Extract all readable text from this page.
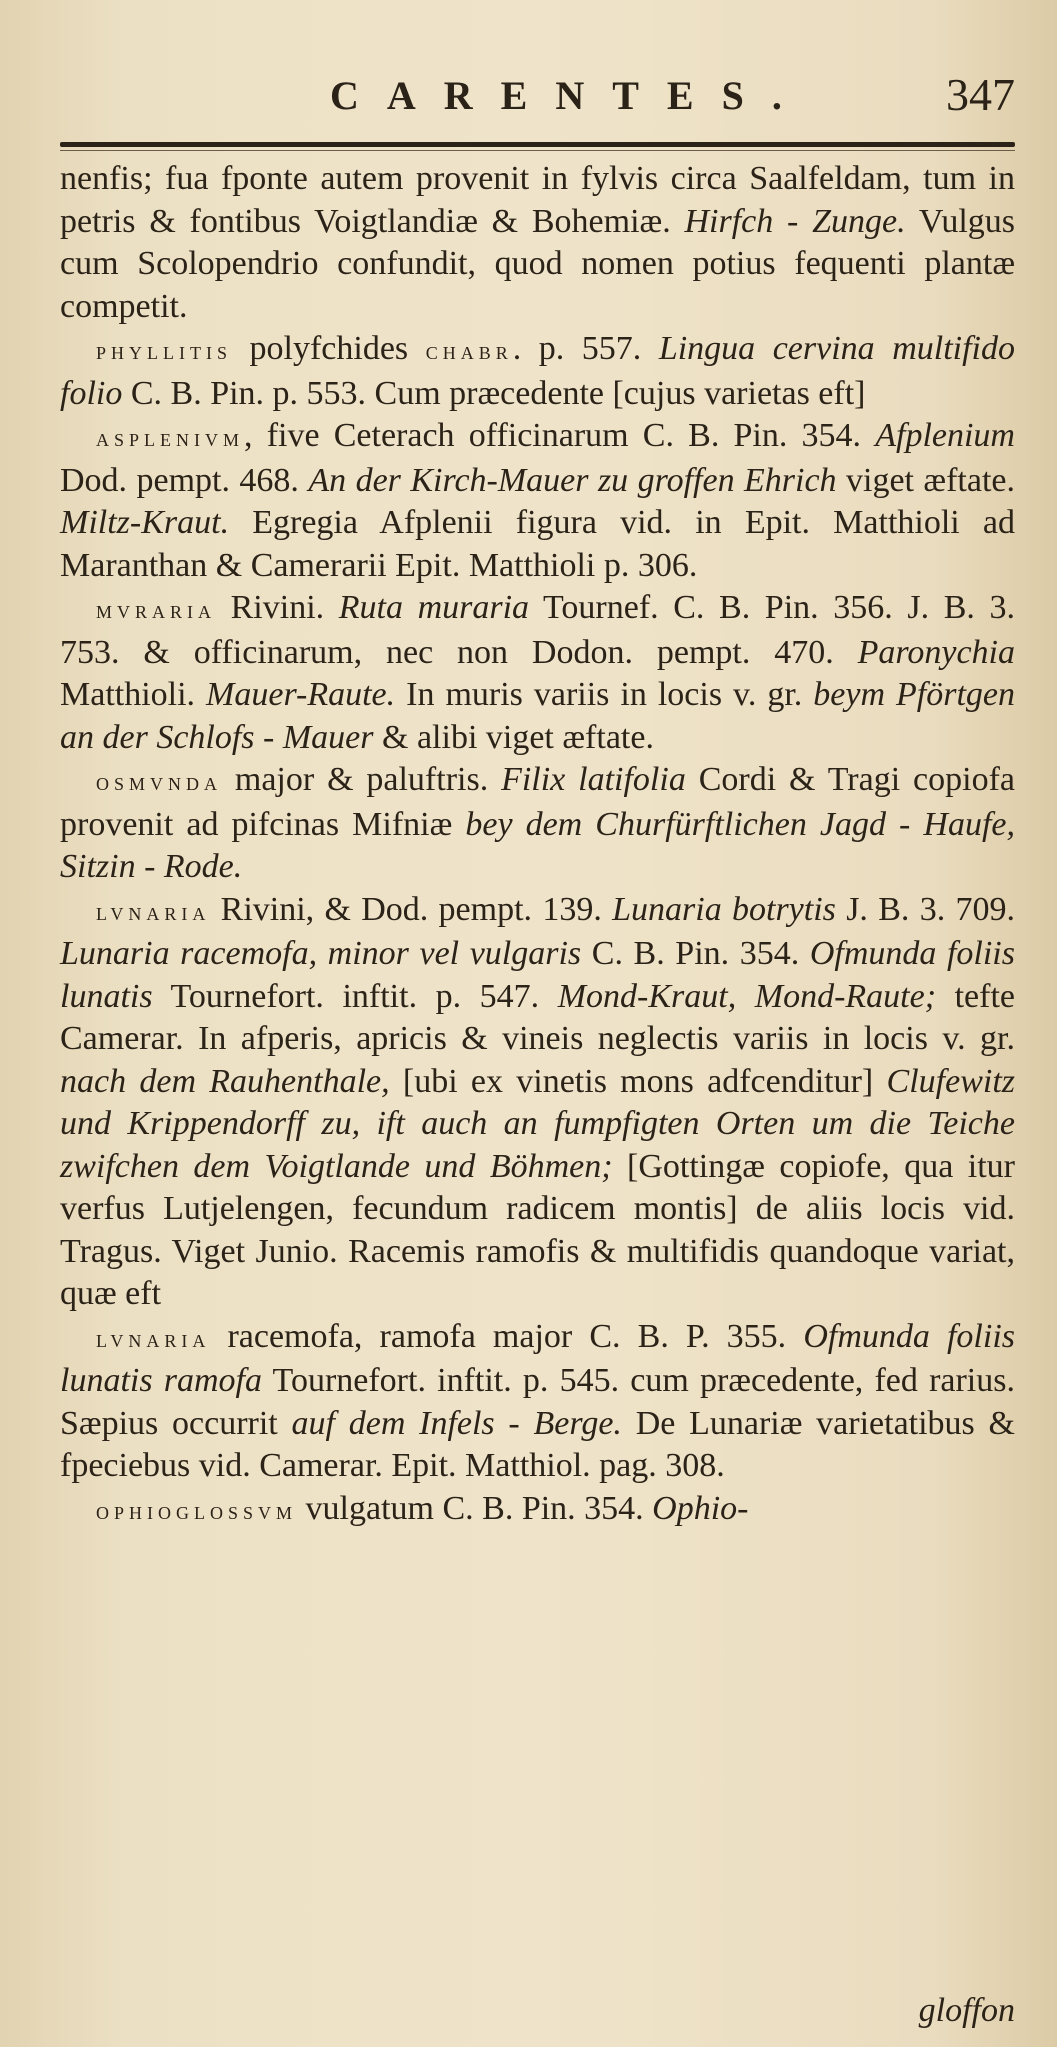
CARENTES.	347

nenfis; fua fponte autem provenit in fylvis circa Saalfeldam, tum in petris & fontibus Voigtlandiæ & Bohemiæ. Hirfch - Zunge. Vulgus cum Scolopendrio confundit, quod nomen potius fequenti plantæ competit.

phyllitis polyfchides chabr. p. 557. Lingua cervina multifido folio C. B. Pin. p. 553. Cum præcedente [cujus varietas eft]

asplenivm, five Ceterach officinarum C. B. Pin. 354. Afplenium Dod. pempt. 468. An der Kirch-Mauer zu groffen Ehrich viget æftate. Miltz-Kraut. Egregia Afplenii figura vid. in Epit. Matthioli ad Maranthan & Camerarii Epit. Matthioli p. 306.

mvraria Rivini. Ruta muraria Tournef. C. B. Pin. 356. J. B. 3. 753. & officinarum, nec non Dodon. pempt. 470. Paronychia Matthioli. Mauer-Raute. In muris variis in locis v. gr. beym Pförtgen an der Schlofs - Mauer & alibi viget æftate.

osmvnda major & paluftris. Filix latifolia Cordi & Tragi copiofa provenit ad pifcinas Mifniæ bey dem Churfürftlichen Jagd - Haufe, Sitzin - Rode.

lvnaria Rivini, & Dod. pempt. 139. Lunaria botrytis J. B. 3. 709. Lunaria racemofa, minor vel vulgaris C. B. Pin. 354. Ofmunda foliis lunatis Tournefort. inftit. p. 547. Mond-Kraut, Mond-Raute; tefte Camerar. In afperis, apricis & vineis neglectis variis in locis v. gr. nach dem Rauhenthale, [ubi ex vinetis mons adfcenditur] Clufewitz und Krippendorff zu, ift auch an fumpfigten Orten um die Teiche zwifchen dem Voigtlande und Böhmen; [Gottingæ copiofe, qua itur verfus Lutjelengen, fecundum radicem montis] de aliis locis vid. Tragus. Viget Junio. Racemis ramofis & multifidis quandoque variat, quæ eft

lvnaria racemofa, ramofa major C. B. P. 355. Ofmunda foliis lunatis ramofa Tournefort. inftit. p. 545. cum præcedente, fed rarius. Sæpius occurrit auf dem Infels - Berge. De Lunariæ varietatibus & fpeciebus vid. Camerar. Epit. Matthiol. pag. 308.

ophioglossvm vulgatum C. B. Pin. 354. Ophio-

gloffon
